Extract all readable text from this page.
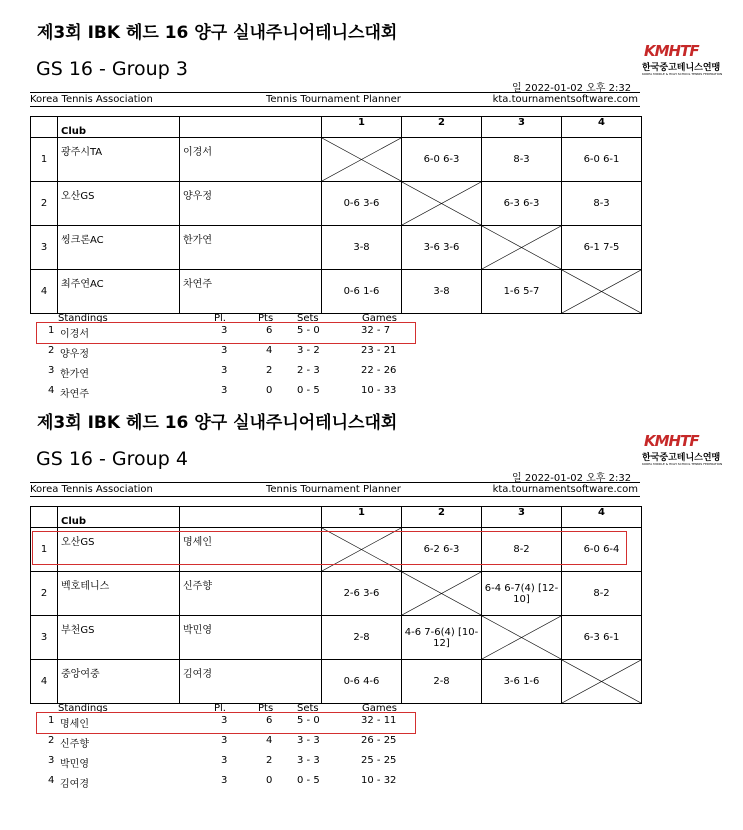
제3회 IBK 헤드 16 양구 실내주니어테니스대회
GS 16 - Group 3
KMHTF
한국중고테니스연맹
KOREA MIDDLE & HIGH SCHOOL TENNIS FEDERATION
일 2022-01-02 오후 2:32
Korea Tennis Association	Tennis Tournament Planner	kta.tournamentsoftware.com
	Club		1	2	3	4
1	광주시TA	이경서		6-0 6-3	8-3	6-0 6-1
2	오산GS	양우정	0-6 3-6		6-3 6-3	8-3
3	씽크론AC	한가연	3-8	3-6 3-6		6-1 7-5
4	최주연AC	차연주	0-6 1-6	3-8	1-6 5-7	
Standings	Pl.	Pts Sets	Games
1 이경서	3	6 5 - 0	32 - 7
2 양우정	3	4 3 - 2	23 - 21
3 한가연	3	2 2 - 3	22 - 26
4 차연주	3	0 0 - 5	10 - 33
제3회 IBK 헤드 16 양구 실내주니어테니스대회
GS 16 - Group 4
KMHTF
한국중고테니스연맹
KOREA MIDDLE & HIGH SCHOOL TENNIS FEDERATION
일 2022-01-02 오후 2:32
Korea Tennis Association	Tennis Tournament Planner	kta.tournamentsoftware.com
	Club		1	2	3	4
1	오산GS	명세인		6-2 6-3	8-2	6-0 6-4
2	벡호테니스	신주향	2-6 3-6		6-4 6-7(4) [12-10]	8-2
3	부천GS	박민영	2-8	4-6 7-6(4) [10-12]		6-3 6-1
4	중앙여중	김여경	0-6 4-6	2-8	3-6 1-6	
Standings	Pl.	Pts Sets	Games
1 명세인	3	6 5 - 0	32 - 11
2 신주향	3	4 3 - 3	26 - 25
3 박민영	3	2 3 - 3	25 - 25
4 김여경	3	0 0 - 5	10 - 32
